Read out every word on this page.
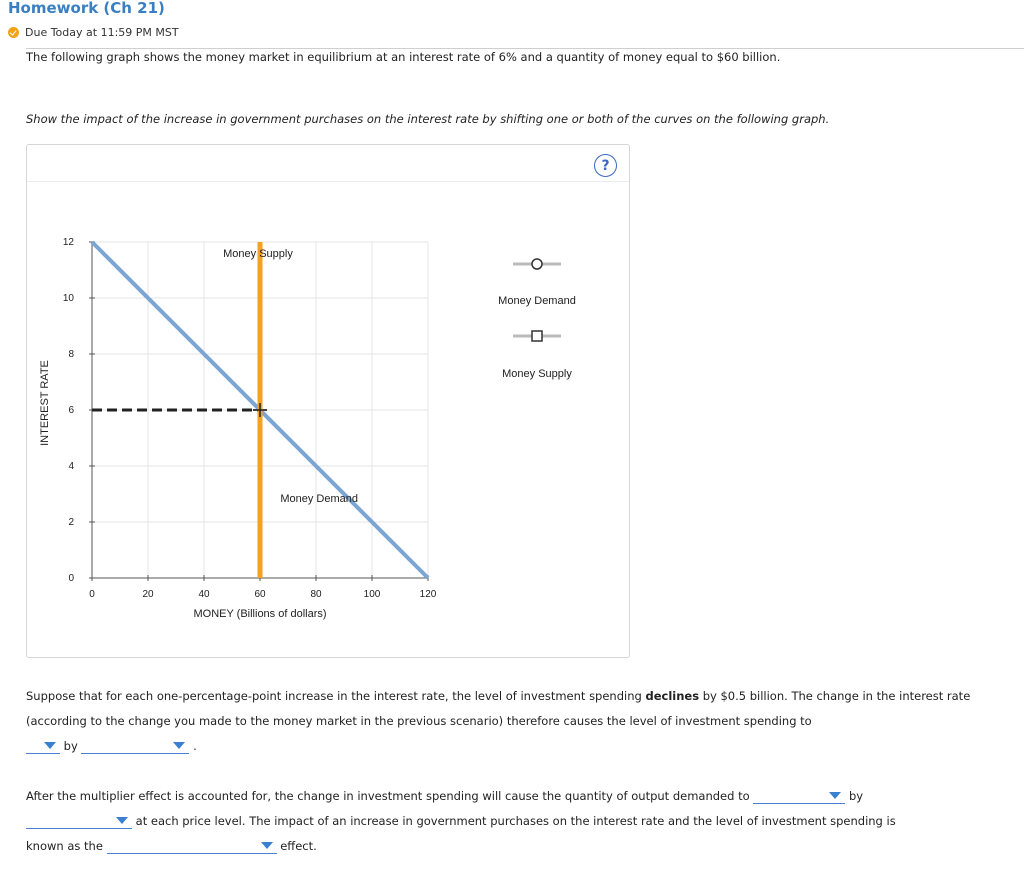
Homework (Ch 21)
Due Today at 11:59 PM MST
The following graph shows the money market in equilibrium at an interest rate of 6% and a quantity of money equal to $60 billion.
Show the impact of the increase in government purchases on the interest rate by shifting one or both of the curves on the following graph.
?
0	20	40	60	80	100	120
0
2
4
6
8
10
12
Money Supply
Money Demand
INTEREST RATE
MONEY (Billions of dollars)
Money Demand
Money Supply
Suppose that for each one-percentage-point increase in the interest rate, the level of investment spending declines by $0.5 billion. The change in the interest rate (according to the change you made to the money market in the previous scenario) therefore causes the level of investment spending to
by	.
After the multiplier effect is accounted for, the change in investment spending will cause the quantity of output demanded to	by
at each price level. The impact of an increase in government purchases on the interest rate and the level of investment spending is
known as the	effect.
